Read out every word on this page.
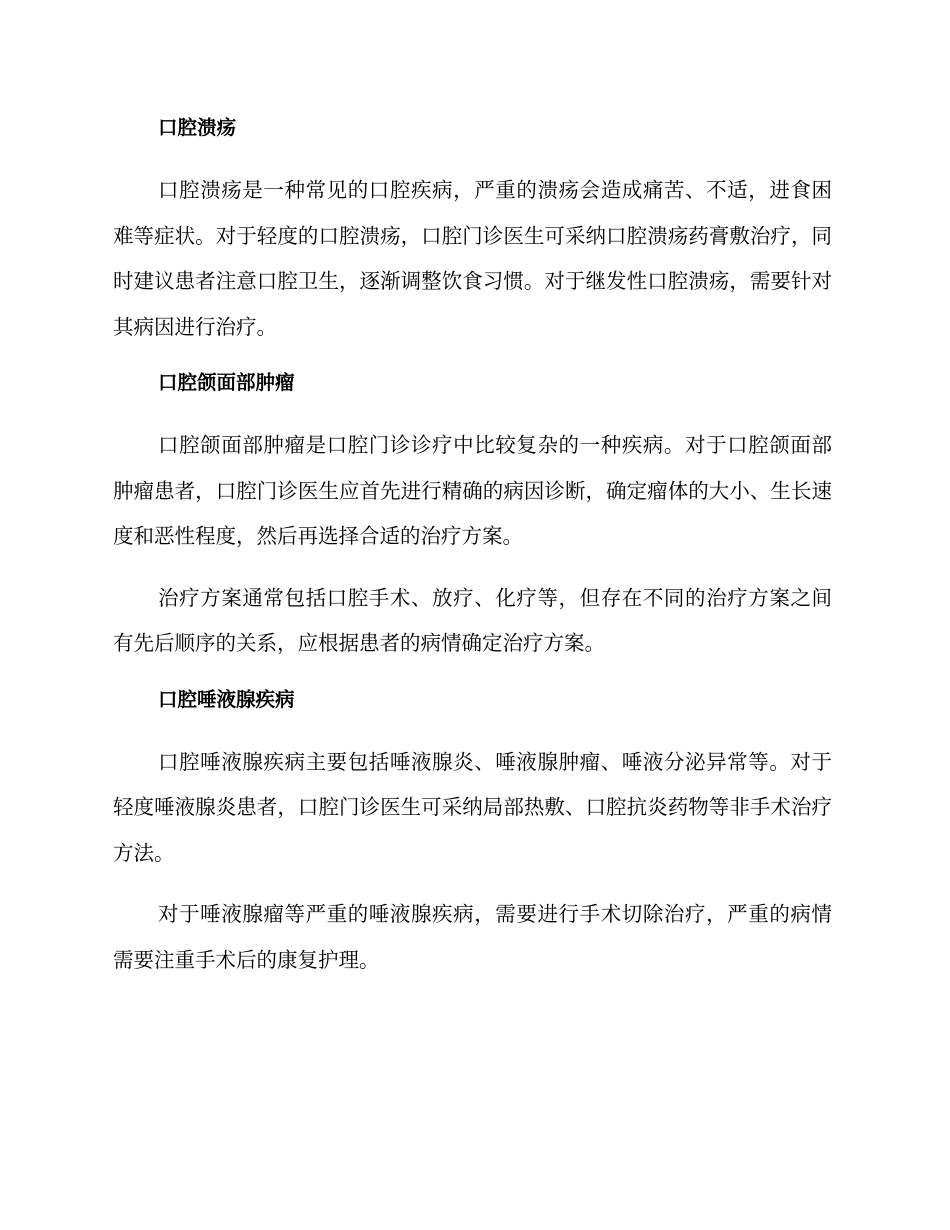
口腔溃疡

口腔溃疡是一种常见的口腔疾病，严重的溃疡会造成痛苦、不适，进食困难等症状。对于轻度的口腔溃疡，口腔门诊医生可采纳口腔溃疡药膏敷治疗，同时建议患者注意口腔卫生，逐渐调整饮食习惯。对于继发性口腔溃疡，需要针对其病因进行治疗。

口腔颌面部肿瘤

口腔颌面部肿瘤是口腔门诊诊疗中比较复杂的一种疾病。对于口腔颌面部肿瘤患者，口腔门诊医生应首先进行精确的病因诊断，确定瘤体的大小、生长速度和恶性程度，然后再选择合适的治疗方案。

治疗方案通常包括口腔手术、放疗、化疗等，但存在不同的治疗方案之间有先后顺序的关系，应根据患者的病情确定治疗方案。

口腔唾液腺疾病

口腔唾液腺疾病主要包括唾液腺炎、唾液腺肿瘤、唾液分泌异常等。对于轻度唾液腺炎患者，口腔门诊医生可采纳局部热敷、口腔抗炎药物等非手术治疗方法。

对于唾液腺瘤等严重的唾液腺疾病，需要进行手术切除治疗，严重的病情需要注重手术后的康复护理。
